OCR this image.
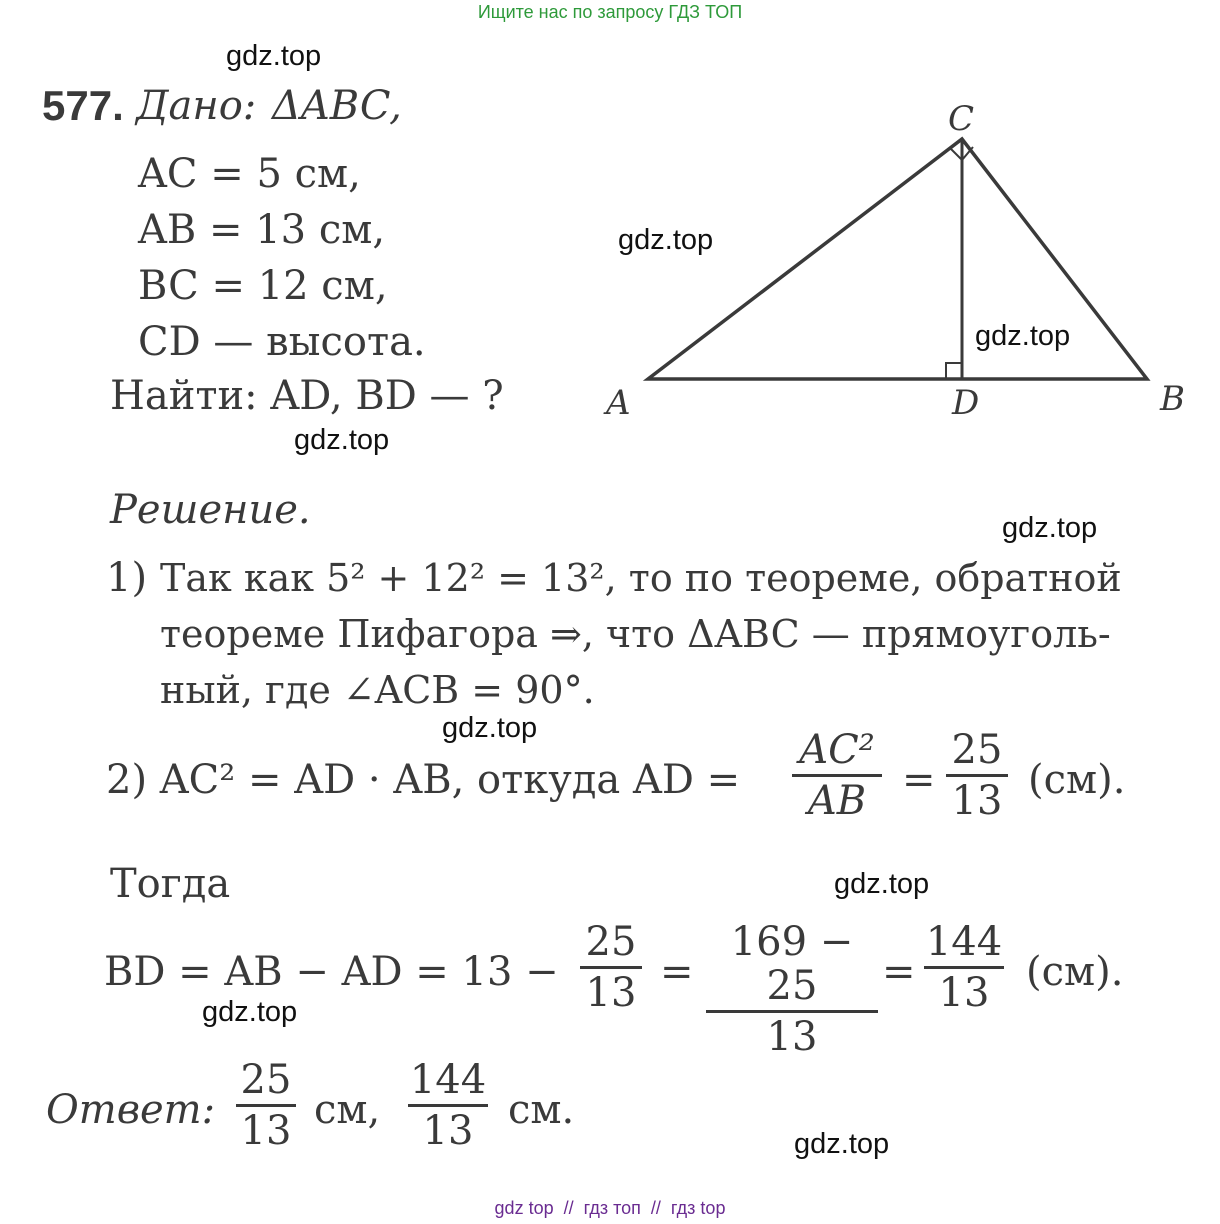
Ищите нас по запросу ГДЗ ТОП
gdz.top
gdz.top
gdz.top
gdz.top
gdz.top
gdz.top
gdz.top
gdz.top
gdz.top
577. Дано: ΔABC,
AC = 5 см,
AB = 13 см,
BC = 12 см,
CD — высота.
Найти: AD, BD — ?	A
C
D	B
Решение.
1) Так как 5² + 12² = 13², то по теореме, обратной
теореме Пифагора ⇒, что ΔABC — прямоуголь-
ный, где ∠ACB = 90°.
2) AC² = AD · AB, откуда AD =
AC²
AB =
25
13 (см).
Тогда
BD = AB − AD = 13 −
25
13 =
169 − 25
13
=
144
13 (см).
Ответ:
25
13 см,
144
13 см.
gdz top  //  гдз топ  //  гдз top
